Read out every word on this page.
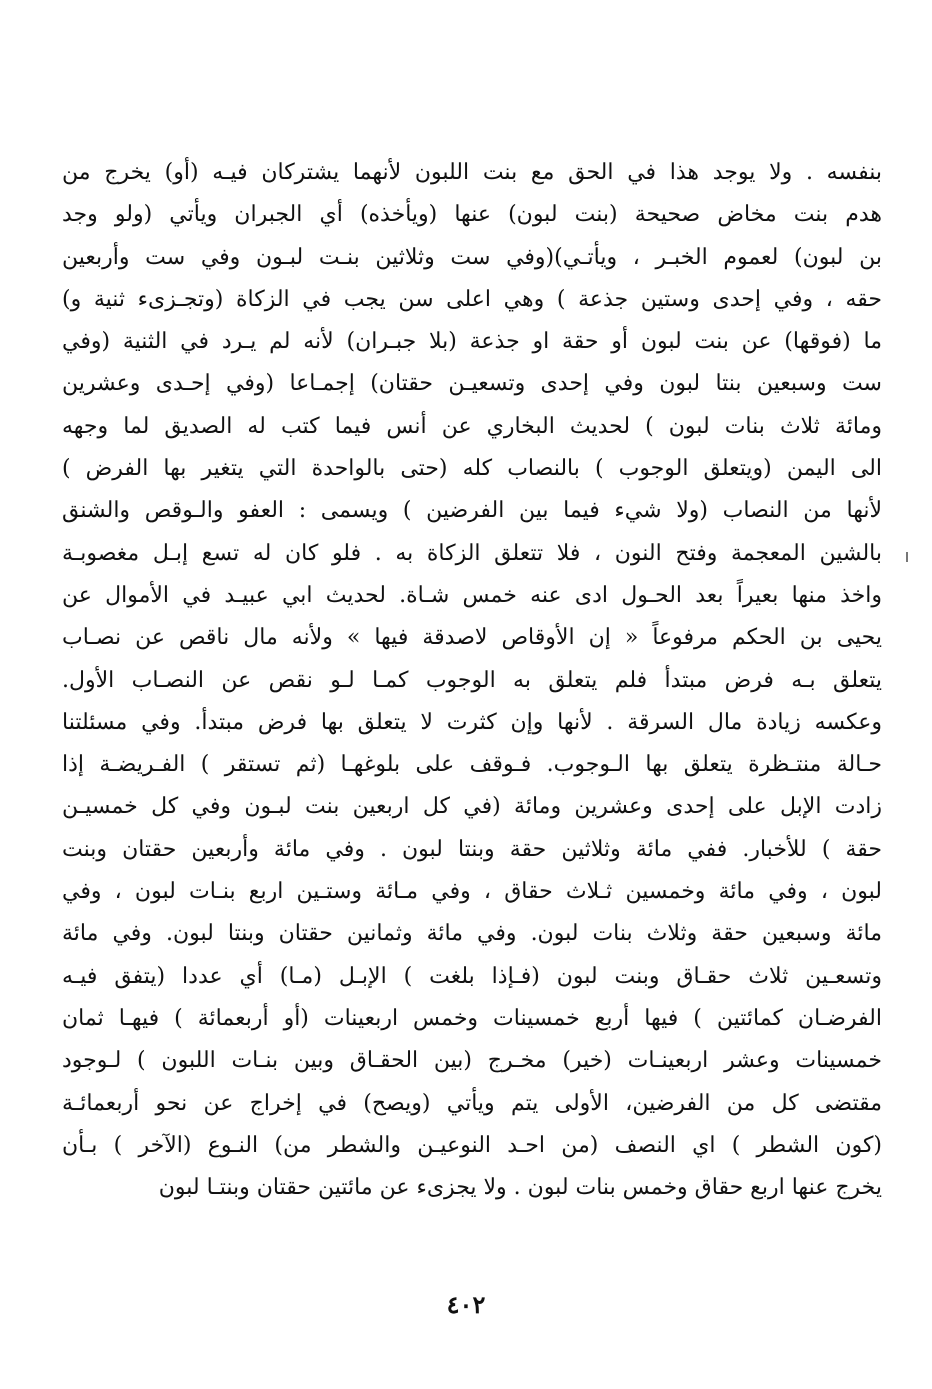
بنفسه . ولا يوجد هذا في الحق مع بنت اللبون لأنهما يشتركان فيـه (أو) يخرج من
هدم بنت مخاض صحيحة (بنت لبون) عنها (ويأخذه) أي الجبران ويأتي (ولو وجد
بن لبون) لعموم الخبـر ، ويأتـي)(وفي ست وثلاثين بنـت لبـون وفي ست وأربعين
حقه ، وفي إحدى وستين جذعة ) وهي اعلى سن يجب في الزكاة (وتجـزىء ثنية و)
ما (فوقها) عن بنت لبون أو حقة او جذعة (بلا جبـران) لأنه لم يـرد في الثنية (وفي
ست وسبعين بنتا لبون وفي إحدى وتسعيـن حقتان) إجمـاعا (وفي إحـدى وعشرين
ومائة ثلاث بنات لبون ) لحديث البخاري عن أنس فيما كتب له الصديق لما وجهه
الى اليمن (ويتعلق الوجوب ) بالنصاب كله (حتى بالواحدة التي يتغير بها الفرض )
لأنها من النصاب (ولا شيء فيما بين الفرضين ) ويسمى : العفو والـوقص والشنق
بالشين المعجمة وفتح النون ، فلا تتعلق الزكاة به . فلو كان له تسع إبـل مغصوبـة
واخذ منها بعيراً بعد الحـول ادى عنه خمس شـاة. لحديث ابي عبيـد في الأموال عن
يحيى بن الحكم مرفوعاً « إن الأوقاص لاصدقة فيها » ولأنه مال ناقص عن نصـاب
يتعلق بـه فرض مبتدأ فلم يتعلق به الوجوب كمـا لـو نقص عن النصـاب الأول.
وعكسه زيادة مال السرقة . لأنها وإن كثرت لا يتعلق بها فرض مبتدأ. وفي مسئلتنا
حـالة منتـظرة يتعلق بها الـوجوب. فـوقف على بلوغهـا (ثم تستقر ) الفـريضـة إذا
زادت الإبل على إحدى وعشرين ومائة (في كل اربعين بنت لبـون وفي كل خمسيـن
حقة ) للأخبار. ففي مائة وثلاثين حقة وبنتا لبون . وفي مائة وأربعين حقتان وبنت
لبون ، وفي مائة وخمسين ثـلاث حقاق ، وفي مـائة وستـين اربع بنـات لبون ، وفي
مائة وسبعين حقة وثلاث بنات لبون. وفي مائة وثمانين حقتان وبنتا لبون. وفي مائة
وتسعـين ثلاث حقـاق وبنت لبون (فـإذا بلغت ) الإبـل (مـا) أي عددا (يتفق فيـه
الفرضـان كمائتين ) فيها أربع خمسينات وخمس اربعينات (أو أربعمائة ) فيهـا ثمان
خمسينات وعشر اربعينـات (خير) مخـرج (بين الحقـاق وبين بنـات اللبون ) لـوجود
مقتضى كل من الفرضين، الأولى يتم ويأتي (ويصح) في إخراج عن نحو أربعمائـة
(كون الشطر ) اي النصف (من احـد النوعيـن والشطر من) النـوع (الآخر ) بـأن
يخرج عنها اربع حقاق وخمس بنات لبون . ولا يجزىء عن مائتين حقتان وبنتـا لبون
٤٠٢
